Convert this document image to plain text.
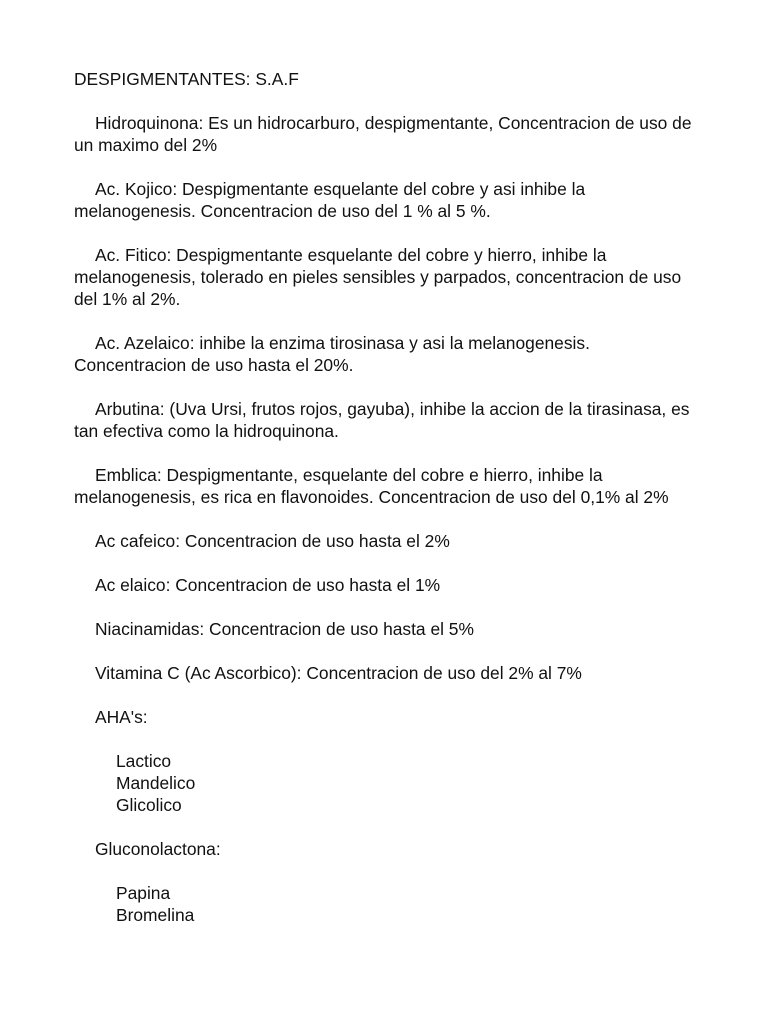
DESPIGMENTANTES: S.A.F

Hidroquinona: Es un hidrocarburo, despigmentante, Concentracion de uso de un maximo del 2%

Ac. Kojico: Despigmentante esquelante del cobre y asi inhibe la melanogenesis. Concentracion de uso del 1 % al 5 %.

Ac. Fitico: Despigmentante esquelante del cobre y hierro, inhibe la melanogenesis, tolerado en pieles sensibles y parpados, concentracion de uso del 1% al 2%.

Ac. Azelaico: inhibe la enzima tirosinasa y asi la melanogenesis. Concentracion de uso hasta el 20%.

Arbutina: (Uva Ursi, frutos rojos, gayuba), inhibe la accion de la tirasinasa, es tan efectiva como la hidroquinona.

Emblica: Despigmentante, esquelante del cobre e hierro, inhibe la melanogenesis, es rica en flavonoides. Concentracion de uso del 0,1% al 2%

Ac cafeico: Concentracion de uso hasta el 2%

Ac elaico: Concentracion de uso hasta el 1%

Niacinamidas: Concentracion de uso hasta el 5%

Vitamina C (Ac Ascorbico): Concentracion de uso del 2% al 7%

AHA's:

Lactico
Mandelico
Glicolico

Gluconolactona:

Papina
Bromelina
